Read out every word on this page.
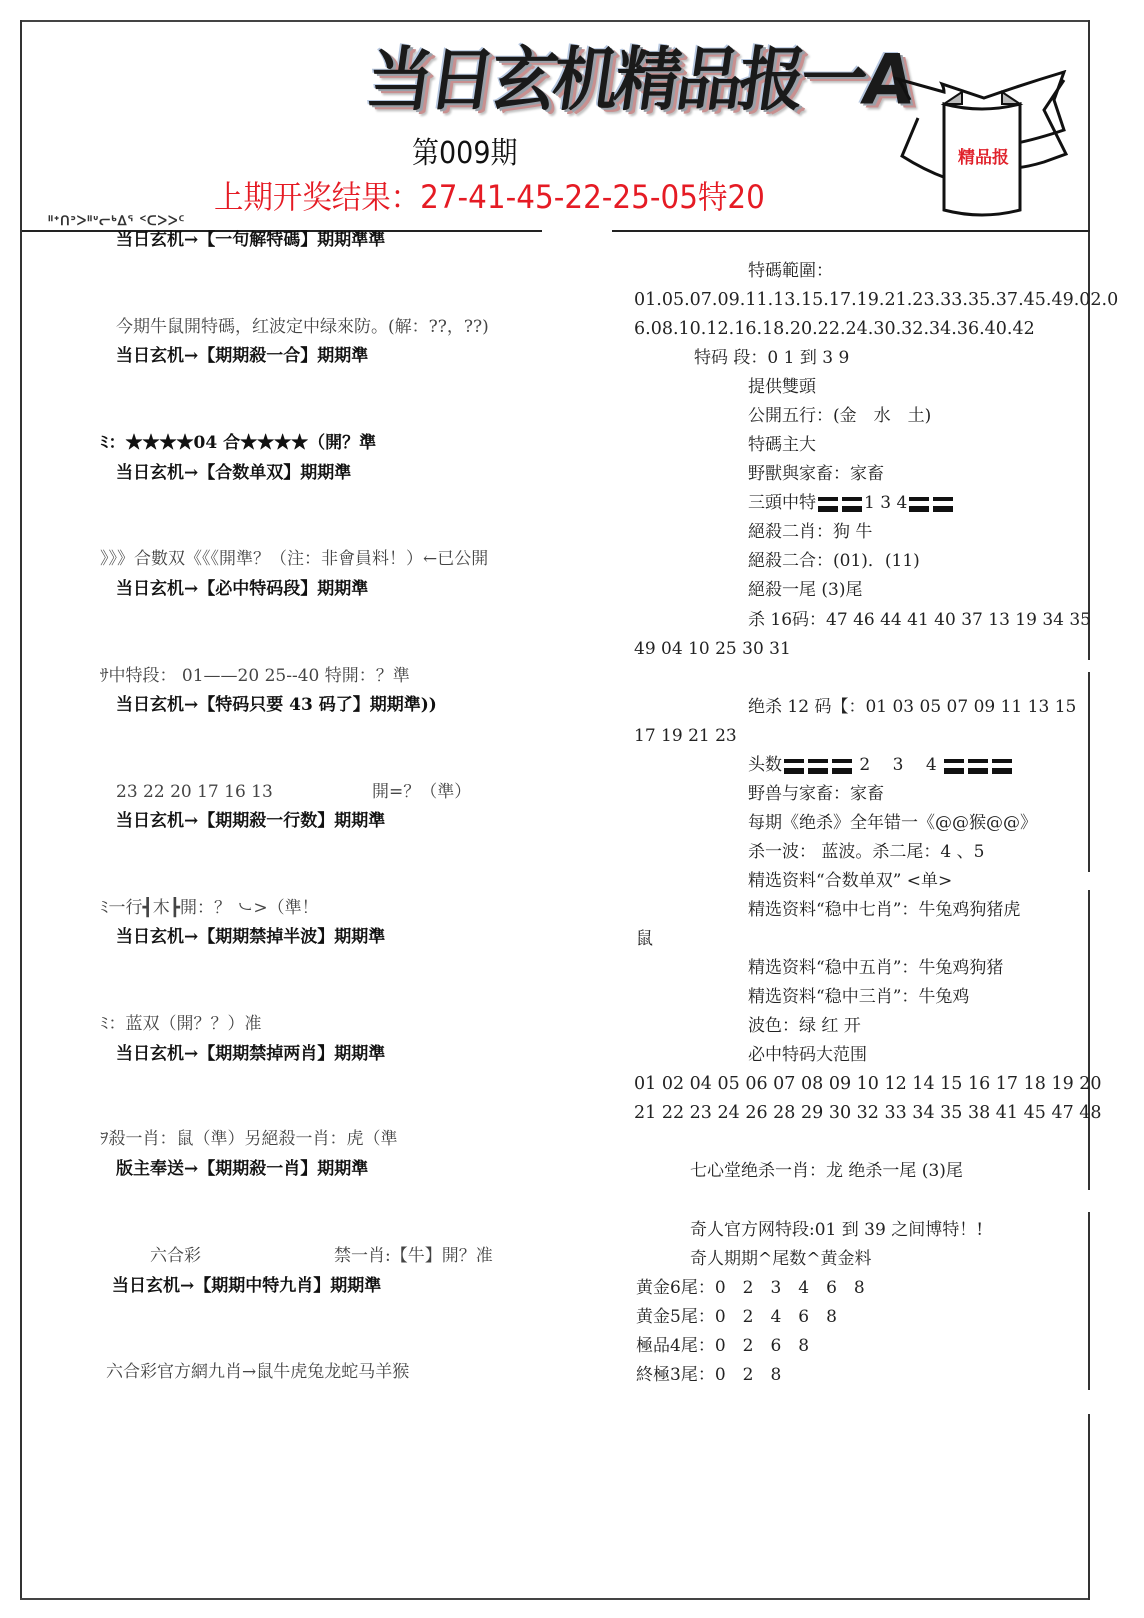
当日玄机精品报一A
精品报
第009期
上期开奖结果：27-41-45-22-25-05特20
ᐦᕀᑎᐣᐳᐦᐡᓕᒃᐃᕐ ᑉᑕᐳᐳᑦ
当日玄机→【一句解特碼】期期準準
今期牛鼠開特碼，红波定中绿來防。(解：??，??)
当日玄机→【期期殺一合】期期準
ﾐ：★★★★04 合★★★★（開？準
当日玄机→【合数单双】期期準
》》》合數双《《《開準？（注：非會員料！）←已公開
当日玄机→【必中特码段】期期準
ｻ中特段： 01——20 25--40 特開：？準
当日玄机→【特码只要 43 码了】期期準))
23 22 20 17 16 13	開=？（準）
当日玄机→【期期殺一行数】期期準
ﾐ一行┫木┣開：？ ㇃>（準！
当日玄机→【期期禁掉半波】期期準
ﾐ：蓝双（開？？）准
当日玄机→【期期禁掉两肖】期期準
ｦ殺一肖：鼠（準）另絕殺一肖：虎（準
版主奉送→【期期殺一肖】期期準
六合彩	禁一肖:【牛】開？准
当日玄机→【期期中特九肖】期期準
六合彩官方網九肖→鼠牛虎兔龙蛇马羊猴
特碼範圍：
01.05.07.09.11.13.15.17.19.21.23.33.35.37.45.49.02.0
6.08.10.12.16.18.20.22.24.30.32.34.36.40.42
特码 段：0 1 到 3 9
提供雙頭
公開五行：(金　水　土)
特碼主大
野獸與家畜：家畜
三頭中特	1 3 4
絕殺二肖：狗 牛
絕殺二合：(01)．(11)
絕殺一尾 (3)尾
杀 16码：47 46 44 41 40 37 13 19 34 35
49 04 10 25 30 31
绝杀 12 码【：01 03 05 07 09 11 13 15
17 19 21 23
头数	2　 3　 4
野兽与家畜：家畜
每期《绝杀》全年错一《@@猴@@》
杀一波： 蓝波。杀二尾：4 、5
精选资料“合数单双” <单>
精选资料“稳中七肖”：牛兔鸡狗猪虎
鼠
精选资料“稳中五肖”：牛兔鸡狗猪
精选资料“稳中三肖”：牛兔鸡
波色：绿 红 开
必中特码大范围
01 02 04 05 06 07 08 09 10 12 14 15 16 17 18 19 20
21 22 23 24 26 28 29 30 32 33 34 35 38 41 45 47 48
七心堂绝杀一肖：龙 绝杀一尾 (3)尾
奇人官方网特段:01 到 39 之间博特！!
奇人期期^尾数^黄金料
黄金6尾：0　2　3　4　6　8
黄金5尾：0　2　4　6　8
極品4尾：0　2　6　8
終極3尾：0　2　8
